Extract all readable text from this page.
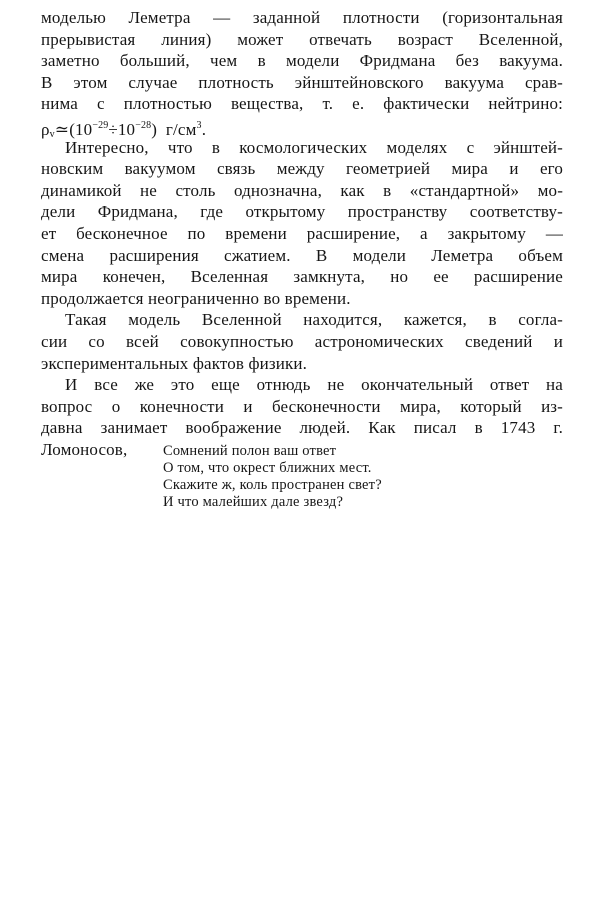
моделью Леметра — заданной плотности (горизонтальная
прерывистая линия) может отвечать возраст Вселенной,
заметно больший, чем в модели Фридмана без вакуума.
В этом случае плотность эйнштейновского вакуума срав-
нима с плотностью вещества, т. е. фактически нейтрино:
$\rho_v≃(10^{-29}\div 10^{-28})$ $г/см^3$.
Интересно, что в космологических моделях с эйнштей-
новским вакуумом связь между геометрией мира и его
динамикой не столь однозначна, как в «стандартной» мо-
дели Фридмана, где открытому пространству соответству-
ет бесконечное по времени расширение, а закрытому —
смена расширения сжатием. В модели Леметра объем
мира конечен, Вселенная замкнута, но ее расширение
продолжается неограниченно во времени.
Такая модель Вселенной находится, кажется, в согла-
сии со всей совокупностью астрономических сведений и
экспериментальных фактов физики.
И все же это еще отнюдь не окончательный ответ на
вопрос о конечности и бесконечности мира, который из-
давна занимает воображение людей. Как писал в 1743 г.
Ломоносов,	Сомнений полон ваш ответ
О том, что окрест ближних мест.
Скажите ж, коль пространен свет?
И что малейших дале звезд?
